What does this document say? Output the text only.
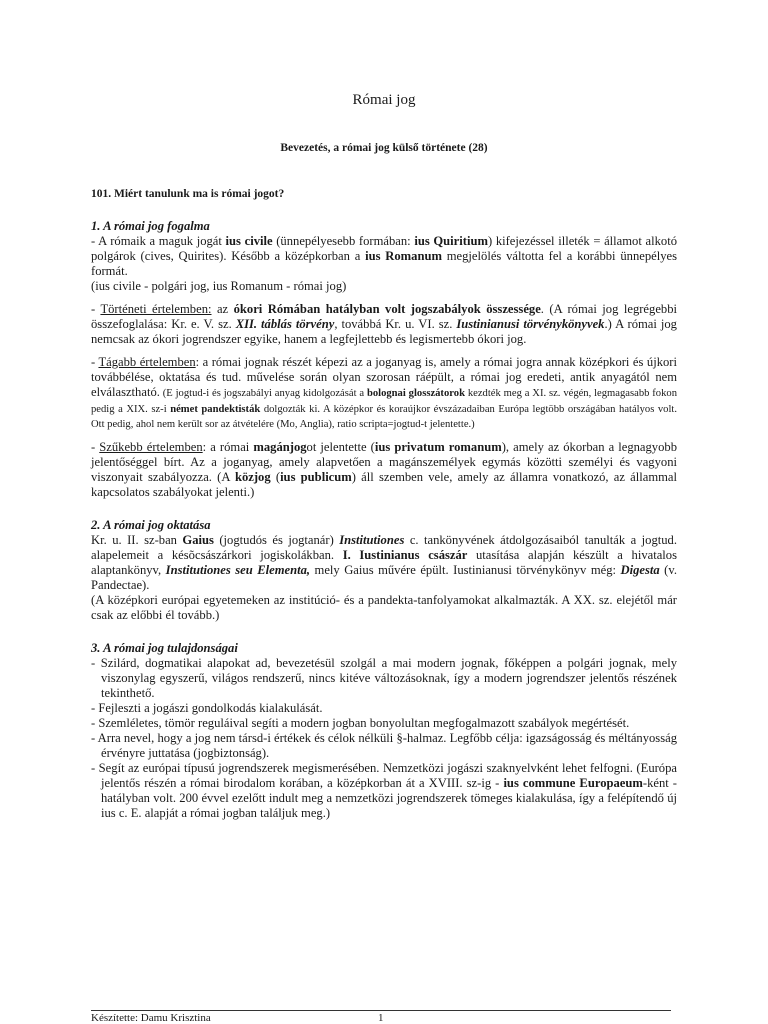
Római jog
Bevezetés, a római jog külső története (28)
101. Miért tanulunk ma is római jogot?
1. A római jog fogalma

- A rómaik a maguk jogát ius civile (ünnepélyesebb formában: ius Quiritium) kifejezéssel illeték = államot alkotó polgárok (cives, Quirites). Később a középkorban a ius Romanum megjelölés váltotta fel a korábbi ünnepélyes formát.

(ius civile - polgári jog, ius Romanum - római jog)

- Történeti értelemben: az ókori Rómában hatályban volt jogszabályok összessége. (A római jog legrégebbi összefoglalása: Kr. e. V. sz. XII. táblás törvény, továbbá Kr. u. VI. sz. Iustinianusi törvénykönyvek.) A római jog nemcsak az ókori jogrendszer egyike, hanem a legfejlettebb és legismertebb ókori jog.

- Tágabb értelemben: a római jognak részét képezi az a joganyag is, amely a római jogra annak középkori és újkori továbbélése, oktatása és tud. művelése során olyan szorosan ráépült, a római jog eredeti, antik anyagától nem elválasztható. (E jogtud-i és jogszabályi anyag kidolgozását a bolognai glosszátorok kezdték meg a XI. sz. végén, legmagasabb fokon pedig a XIX. sz-i német pandektisták dolgozták ki. A középkor és koraújkor évszázadaiban Európa legtöbb országában hatályos volt. Ott pedig, ahol nem került sor az átvételére (Mo, Anglia), ratio scripta=jogtud-t jelentette.)

- Szűkebb értelemben: a római magánjogot jelentette (ius privatum romanum), amely az ókorban a legnagyobb jelentőséggel bírt. Az a joganyag, amely alapvetően a magánszemélyek egymás közötti személyi és vagyoni viszonyait szabályozza. (A közjog (ius publicum) áll szemben vele, amely az államra vonatkozó, az állammal kapcsolatos szabályokat jelenti.)

2. A római jog oktatása

Kr. u. II. sz-ban Gaius (jogtudós és jogtanár) Institutiones c. tankönyvének átdolgozásaiból tanulták a jogtud. alapelemeit a késõcsászárkori jogiskolákban. I. Iustinianus császár utasítása alapján készült a hivatalos alaptankönyv, Institutiones seu Elementa, mely Gaius művére épült. Iustinianusi törvénykönyv még: Digesta (v. Pandectae).

(A középkori európai egyetemeken az institúció- és a pandekta-tanfolyamokat alkalmazták. A XX. sz. elejétől már csak az előbbi él tovább.)

3. A római jog tulajdonságai

- Szilárd, dogmatikai alapokat ad, bevezetésül szolgál a mai modern jognak, főképpen a polgári jognak, mely viszonylag egyszerű, világos rendszerű, nincs kitéve változásoknak, így a modern jogrendszer jelentős részének tekinthető.

- Fejleszti a jogászi gondolkodás kialakulását.

- Szemléletes, tömör reguláival segíti a modern jogban bonyolultan megfogalmazott szabályok megértését.

- Arra nevel, hogy a jog nem társd-i értékek és célok nélküli §-halmaz. Legfőbb célja: igazságosság és méltányosság érvényre juttatása (jogbiztonság).

- Segít az európai típusú jogrendszerek megismerésében. Nemzetközi jogászi szaknyelvként lehet felfogni. (Európa jelentős részén a római birodalom korában, a középkorban át a XVIII. sz-ig - ius commune Europaeum-ként - hatályban volt. 200 évvel ezelőtt indult meg a nemzetközi jogrendszerek tömeges kialakulása, így a felépítendő új ius c. E. alapját a római jogban találjuk meg.)

Készítette: Damu Krisztina	1
